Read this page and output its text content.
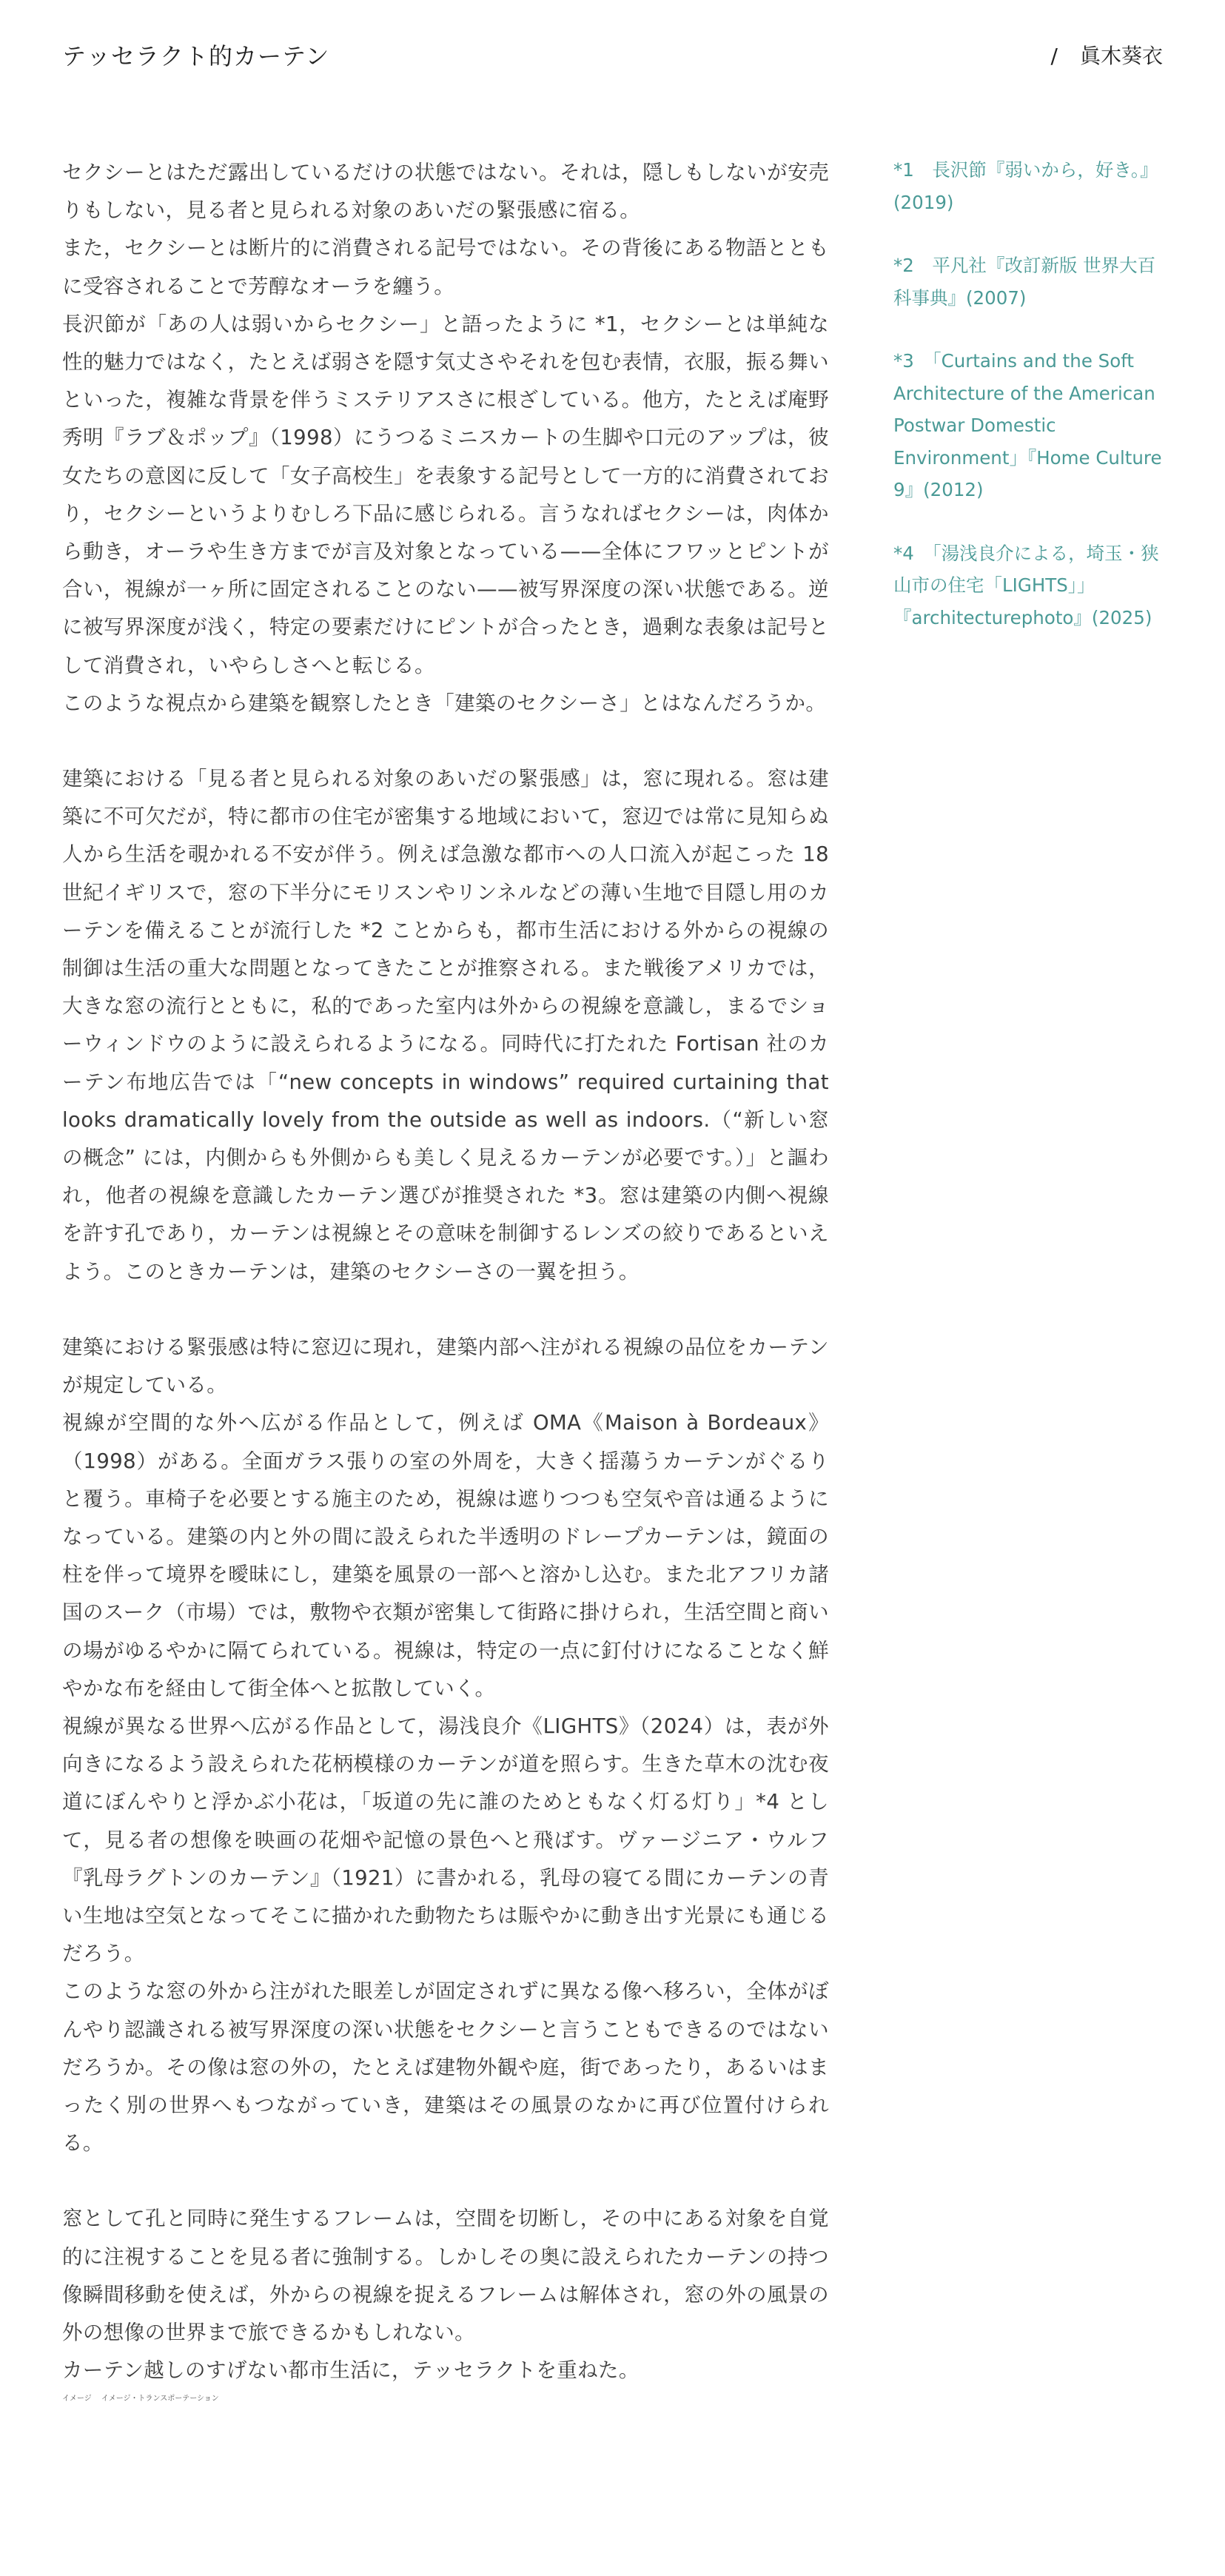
テッセラクト的カーテン	/ 眞木葵衣

セクシーとはただ露出しているだけの状態ではない。それは，隠しもしないが安売りもしない，見る者と見られる対象のあいだの緊張感に宿る。

また，セクシーとは断片的に消費される記号ではない。その背後にある物語とともに受容されることで芳醇なオーラを纏う。

長沢節が「あの人は弱いからセクシー」と語ったように *1，セクシーとは単純な性的魅力ではなく，たとえば弱さを隠す気丈さやそれを包む表情，衣服，振る舞いといった，複雑な背景を伴うミステリアスさに根ざしている。他方，たとえば庵野秀明『ラブ＆ポップ』（1998）にうつるミニスカートの生脚や口元のアップは，彼女たちの意図に反して「女子高校生」を表象する記号として一方的に消費されており，セクシーというよりむしろ下品に感じられる。言うなればセクシーは，肉体から動き，オーラや生き方までが言及対象となっている——全体にフワッとピントが合い，視線が一ヶ所に固定されることのない——被写界深度の深い状態である。逆に被写界深度が浅く，特定の要素だけにピントが合ったとき，過剰な表象は記号として消費され，いやらしさへと転じる。

このような視点から建築を観察したとき「建築のセクシーさ」とはなんだろうか。

建築における「見る者と見られる対象のあいだの緊張感」は，窓に現れる。窓は建築に不可欠だが，特に都市の住宅が密集する地域において，窓辺では常に見知らぬ人から生活を覗かれる不安が伴う。例えば急激な都市への人口流入が起こった 18 世紀イギリスで，窓の下半分にモリスンやリンネルなどの薄い生地で目隠し用のカーテンを備えることが流行した *2 ことからも，都市生活における外からの視線の制御は生活の重大な問題となってきたことが推察される。また戦後アメリカでは，大きな窓の流行とともに，私的であった室内は外からの視線を意識し，まるでショーウィンドウのように設えられるようになる。同時代に打たれた Fortisan 社のカーテン布地広告では「“new concepts in windows” required curtaining that looks dramatically lovely from the outside as well as indoors.（“新しい窓の概念” には，内側からも外側からも美しく見えるカーテンが必要です。）」と謳われ，他者の視線を意識したカーテン選びが推奨された *3。窓は建築の内側へ視線を許す孔であり，カーテンは視線とその意味を制御するレンズの絞りであるといえよう。このときカーテンは，建築のセクシーさの一翼を担う。

建築における緊張感は特に窓辺に現れ，建築内部へ注がれる視線の品位をカーテンが規定している。

視線が空間的な外へ広がる作品として，例えば OMA《Maison à Bordeaux》（1998）がある。全面ガラス張りの室の外周を，大きく揺蕩うカーテンがぐるりと覆う。車椅子を必要とする施主のため，視線は遮りつつも空気や音は通るようになっている。建築の内と外の間に設えられた半透明のドレープカーテンは，鏡面の柱を伴って境界を曖昧にし，建築を風景の一部へと溶かし込む。また北アフリカ諸国のスーク（市場）では，敷物や衣類が密集して街路に掛けられ，生活空間と商いの場がゆるやかに隔てられている。視線は，特定の一点に釘付けになることなく鮮やかな布を経由して街全体へと拡散していく。

視線が異なる世界へ広がる作品として，湯浅良介《LIGHTS》（2024）は，表が外向きになるよう設えられた花柄模様のカーテンが道を照らす。生きた草木の沈む夜道にぼんやりと浮かぶ小花は，「坂道の先に誰のためともなく灯る灯り」*4 として，見る者の想像を映画の花畑や記憶の景色へと飛ばす。ヴァージニア・ウルフ『乳母ラグトンのカーテン』（1921）に書かれる，乳母の寝てる間にカーテンの青い生地は空気となってそこに描かれた動物たちは賑やかに動き出す光景にも通じるだろう。

このような窓の外から注がれた眼差しが固定されずに異なる像へ移ろい，全体がぼんやり認識される被写界深度の深い状態をセクシーと言うこともできるのではないだろうか。その像は窓の外の，たとえば建物外観や庭，街であったり，あるいはまったく別の世界へもつながっていき，建築はその風景のなかに再び位置付けられる。

窓として孔と同時に発生するフレームは，空間を切断し，その中にある対象を自覚的に注視することを見る者に強制する。しかしその奥に設えられたカーテンの持つ像瞬間移動を使えば，外からの視線を捉えるフレームは解体され，窓の外の風景の外の想像の世界まで旅できるかもしれない。

カーテン越しのすげない都市生活に，テッセラクトを重ねた。

イメージ イメージ・トランスポーテーション

*1　長沢節『弱いから，好き。』(2019)

*2　平凡社『改訂新版 世界大百科事典』(2007)

*3　「Curtains and the Soft Architecture of the American Postwar Domestic Environment」『Home Culture 9』(2012)

*4　「湯浅良介による，埼玉・狭山市の住宅「LIGHTS」」『architecturephoto』(2025)
